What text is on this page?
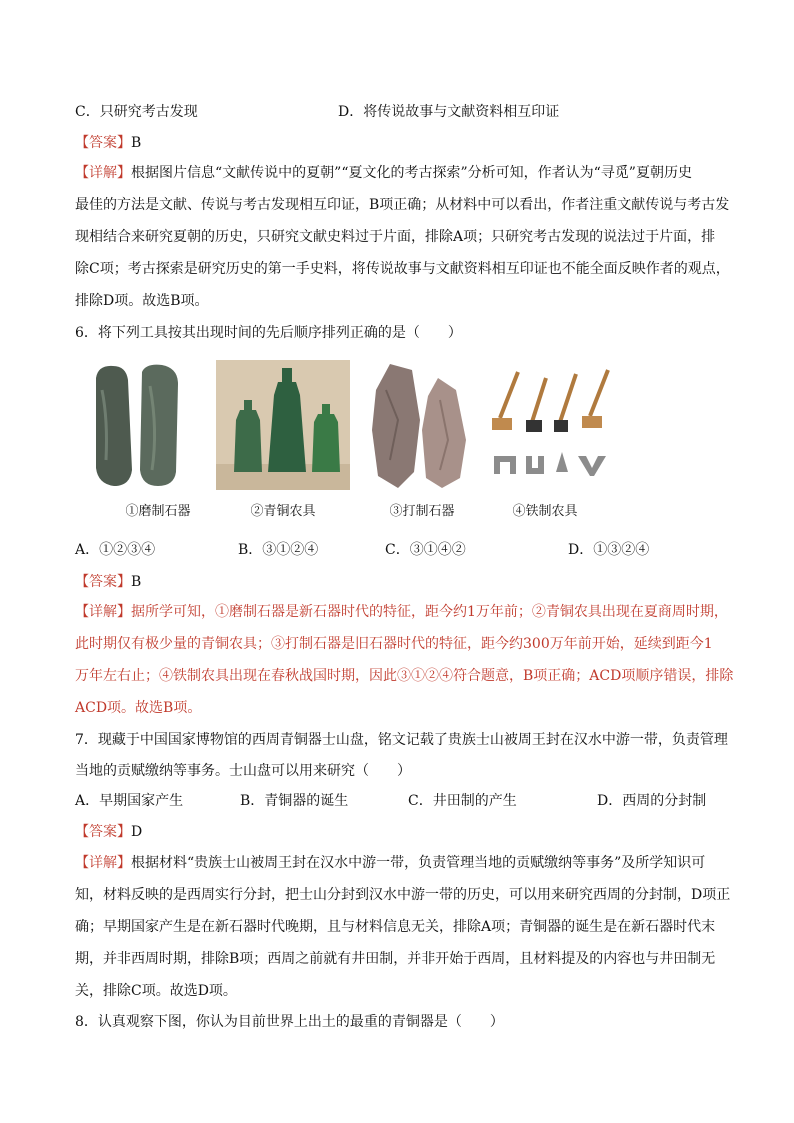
C．只研究考古发现	D．将传说故事与文献资料相互印证
【答案】B
【详解】根据图片信息“文献传说中的夏朝”“夏文化的考古探索”分析可知，作者认为“寻觅”夏朝历史
最佳的方法是文献、传说与考古发现相互印证，B项正确；从材料中可以看出，作者注重文献传说与考古发
现相结合来研究夏朝的历史，只研究文献史料过于片面，排除A项；只研究考古发现的说法过于片面，排
除C项；考古探索是研究历史的第一手史料，将传说故事与文献资料相互印证也不能全面反映作者的观点，
排除D项。故选B项。
6．将下列工具按其出现时间的先后顺序排列正确的是（　　）
①磨制石器	②青铜农具	③打制石器	④铁制农具
A．①②③④	B．③①②④	C．③①④②	D．①③②④
【答案】B
【详解】据所学可知，①磨制石器是新石器时代的特征，距今约1万年前；②青铜农具出现在夏商周时期，
此时期仅有极少量的青铜农具；③打制石器是旧石器时代的特征，距今约300万年前开始，延续到距今1
万年左右止；④铁制农具出现在春秋战国时期，因此③①②④符合题意，B项正确；ACD项顺序错误，排除
ACD项。故选B项。
7．现藏于中国国家博物馆的西周青铜器士山盘，铭文记载了贵族士山被周王封在汉水中游一带，负责管理
当地的贡赋缴纳等事务。士山盘可以用来研究（　　）
A．早期国家产生	B．青铜器的诞生	C．井田制的产生	D．西周的分封制
【答案】D
【详解】根据材料“贵族士山被周王封在汉水中游一带，负责管理当地的贡赋缴纳等事务”及所学知识可
知，材料反映的是西周实行分封，把士山分封到汉水中游一带的历史，可以用来研究西周的分封制，D项正
确；早期国家产生是在新石器时代晚期，且与材料信息无关，排除A项；青铜器的诞生是在新石器时代末
期，并非西周时期，排除B项；西周之前就有井田制，并非开始于西周，且材料提及的内容也与井田制无
关，排除C项。故选D项。
8．认真观察下图，你认为目前世界上出土的最重的青铜器是（　　）
